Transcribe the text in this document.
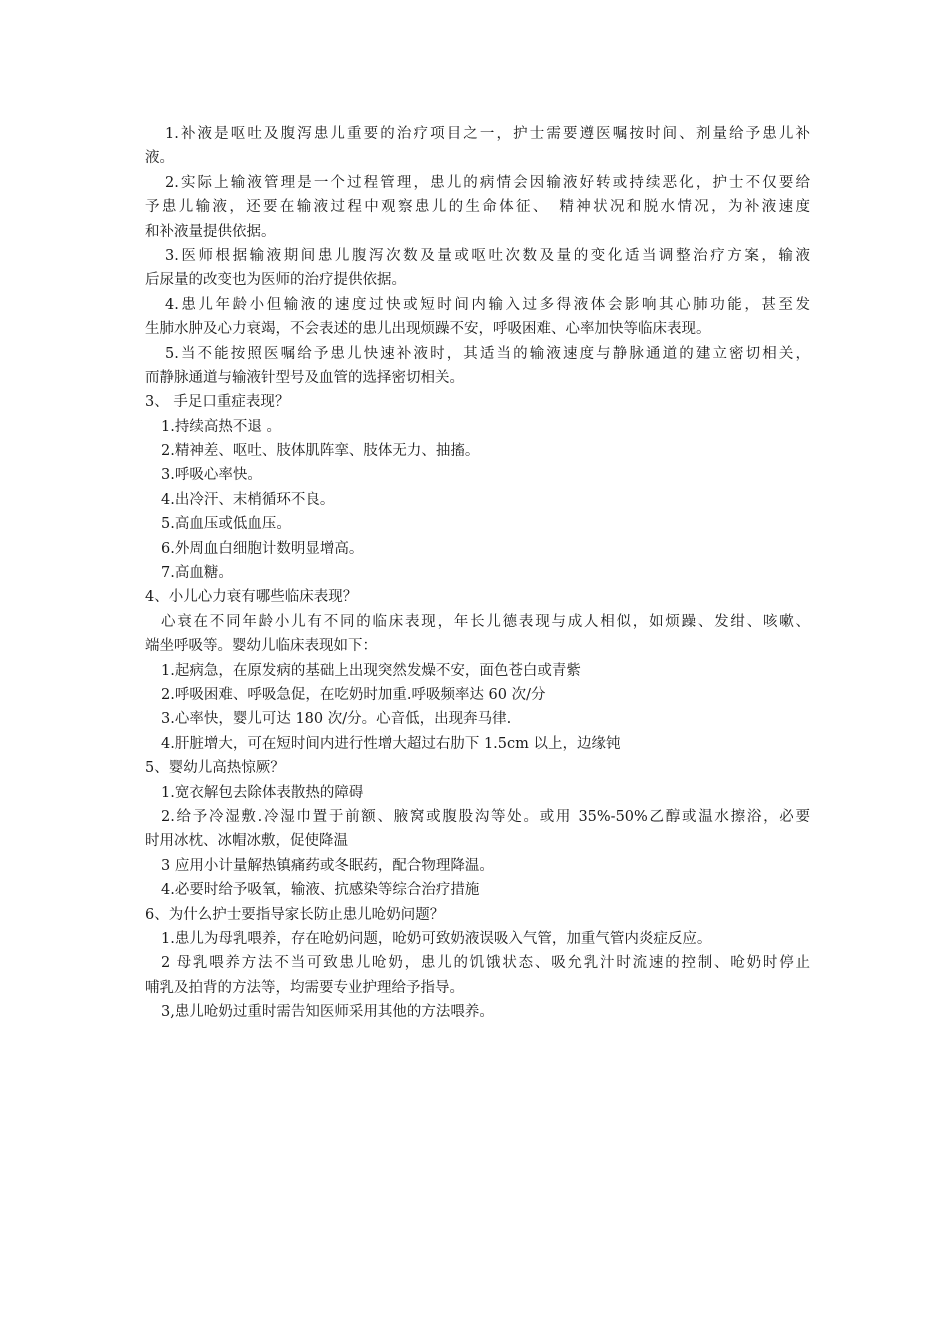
1.补液是呕吐及腹泻患儿重要的治疗项目之一，护士需要遵医嘱按时间、剂量给予患儿补
液。
2.实际上输液管理是一个过程管理，患儿的病情会因输液好转或持续恶化，护士不仅要给
予患儿输液，还要在输液过程中观察患儿的生命体征、　精神状况和脱水情况，为补液速度
和补液量提供依据。
3.医师根据输液期间患儿腹泻次数及量或呕吐次数及量的变化适当调整治疗方案，输液
后尿量的改变也为医师的治疗提供依据。
4.患儿年龄小但输液的速度过快或短时间内输入过多得液体会影响其心肺功能，甚至发
生肺水肿及心力衰竭，不会表述的患儿出现烦躁不安，呼吸困难、心率加快等临床表现。
5.当不能按照医嘱给予患儿快速补液时，其适当的输液速度与静脉通道的建立密切相关，
而静脉通道与输液针型号及血管的选择密切相关。
3、 手足口重症表现？
1.持续高热不退 。
2.精神差、呕吐、肢体肌阵挛、肢体无力、抽搐。
3.呼吸心率快。
4.出冷汗、末梢循环不良。
5.高血压或低血压。
6.外周血白细胞计数明显增高。
7.高血糖。
4、小儿心力衰有哪些临床表现？
心衰在不同年龄小儿有不同的临床表现，年长儿德表现与成人相似，如烦躁、发绀、咳嗽、
端坐呼吸等。婴幼儿临床表现如下：
1.起病急，在原发病的基础上出现突然发燥不安，面色苍白或青紫
2.呼吸困难、呼吸急促，在吃奶时加重.呼吸频率达 60 次/分
3.心率快，婴儿可达 180 次/分。心音低，出现奔马律.
4.肝脏增大，可在短时间内进行性增大超过右肋下 1.5cm 以上，边缘钝
5、婴幼儿高热惊厥？
1.宽衣解包去除体表散热的障碍
2.给予冷湿敷.冷湿巾置于前额、腋窝或腹股沟等处。或用 35%-50%乙醇或温水擦浴，必要
时用冰枕、冰帽冰敷，促使降温
3 应用小计量解热镇痛药或冬眠药，配合物理降温。
4.必要时给予吸氧，输液、抗感染等综合治疗措施
6、为什么护士要指导家长防止患儿呛奶问题？
1.患儿为母乳喂养，存在呛奶问题，呛奶可致奶液误吸入气管，加重气管内炎症反应。
2 母乳喂养方法不当可致患儿呛奶，患儿的饥饿状态、吸允乳汁时流速的控制、呛奶时停止
哺乳及拍背的方法等，均需要专业护理给予指导。
3,患儿呛奶过重时需告知医师采用其他的方法喂养。
